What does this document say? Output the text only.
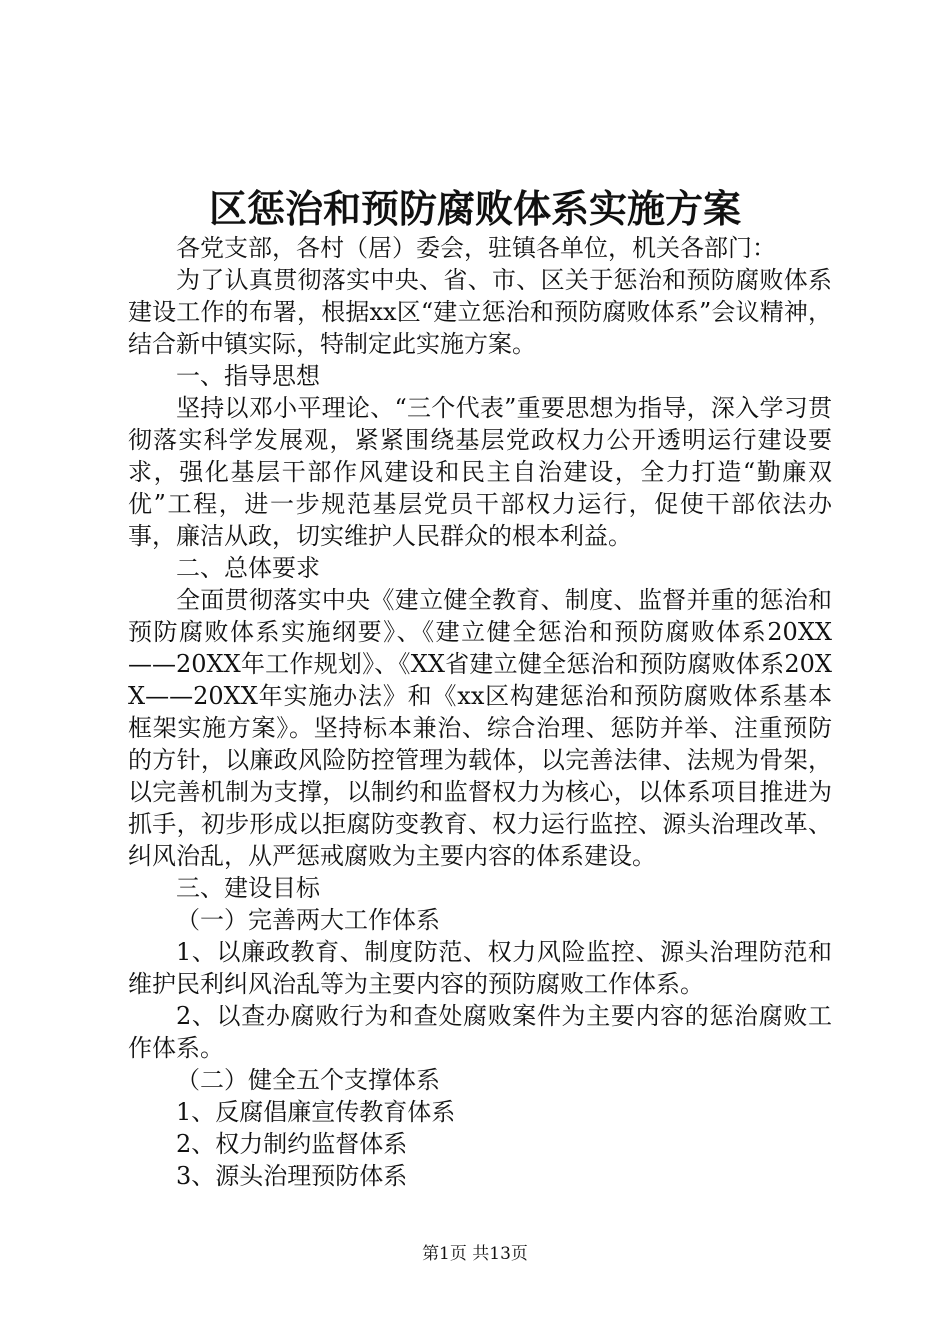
区惩治和预防腐败体系实施方案

各党支部，各村（居）委会，驻镇各单位，机关各部门：

为了认真贯彻落实中央、省、市、区关于惩治和预防腐败体系建设工作的布署，根据xx区“建立惩治和预防腐败体系”会议精神，结合新中镇实际，特制定此实施方案。

一、指导思想

坚持以邓小平理论、“三个代表”重要思想为指导，深入学习贯彻落实科学发展观，紧紧围绕基层党政权力公开透明运行建设要求，强化基层干部作风建设和民主自治建设，全力打造“勤廉双优”工程，进一步规范基层党员干部权力运行，促使干部依法办事，廉洁从政，切实维护人民群众的根本利益。

二、总体要求

全面贯彻落实中央《建立健全教育、制度、监督并重的惩治和预防腐败体系实施纲要》、《建立健全惩治和预防腐败体系20XX——20XX年工作规划》、《XX省建立健全惩治和预防腐败体系20XX——20XX年实施办法》和《xx区构建惩治和预防腐败体系基本框架实施方案》。坚持标本兼治、综合治理、惩防并举、注重预防的方针，以廉政风险防控管理为载体，以完善法律、法规为骨架，以完善机制为支撑，以制约和监督权力为核心，以体系项目推进为抓手，初步形成以拒腐防变教育、权力运行监控、源头治理改革、纠风治乱，从严惩戒腐败为主要内容的体系建设。

三、建设目标

（一）完善两大工作体系

1、以廉政教育、制度防范、权力风险监控、源头治理防范和维护民利纠风治乱等为主要内容的预防腐败工作体系。

2、以查办腐败行为和查处腐败案件为主要内容的惩治腐败工作体系。

（二）健全五个支撑体系

1、反腐倡廉宣传教育体系

2、权力制约监督体系

3、源头治理预防体系

第1页 共13页
